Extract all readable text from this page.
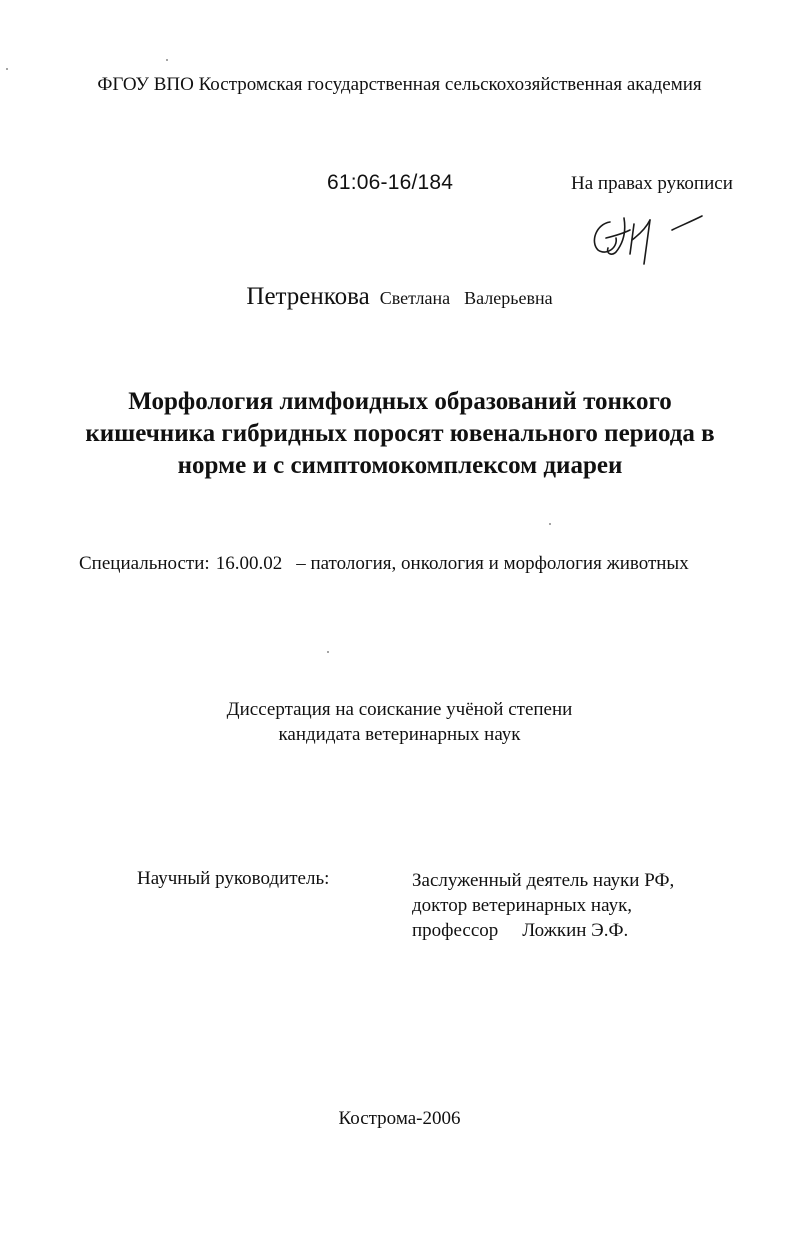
ФГОУ ВПО Костромская государственная сельскохозяйственная академия
61:06-16/184	На правах рукописи
Петренкова Светлана Валерьевна
Морфология лимфоидных образований тонкого
кишечника гибридных поросят ювенального периода в
норме и с симптомокомплексом диареи
Специальности: 16.00.02 – патология, онкология и морфология животных
Диссертация на соискание учёной степени
кандидата ветеринарных наук
Научный руководитель:	Заслуженный деятель науки РФ,
доктор ветеринарных наук,
профессор Ложкин Э.Ф.
Кострома-2006
